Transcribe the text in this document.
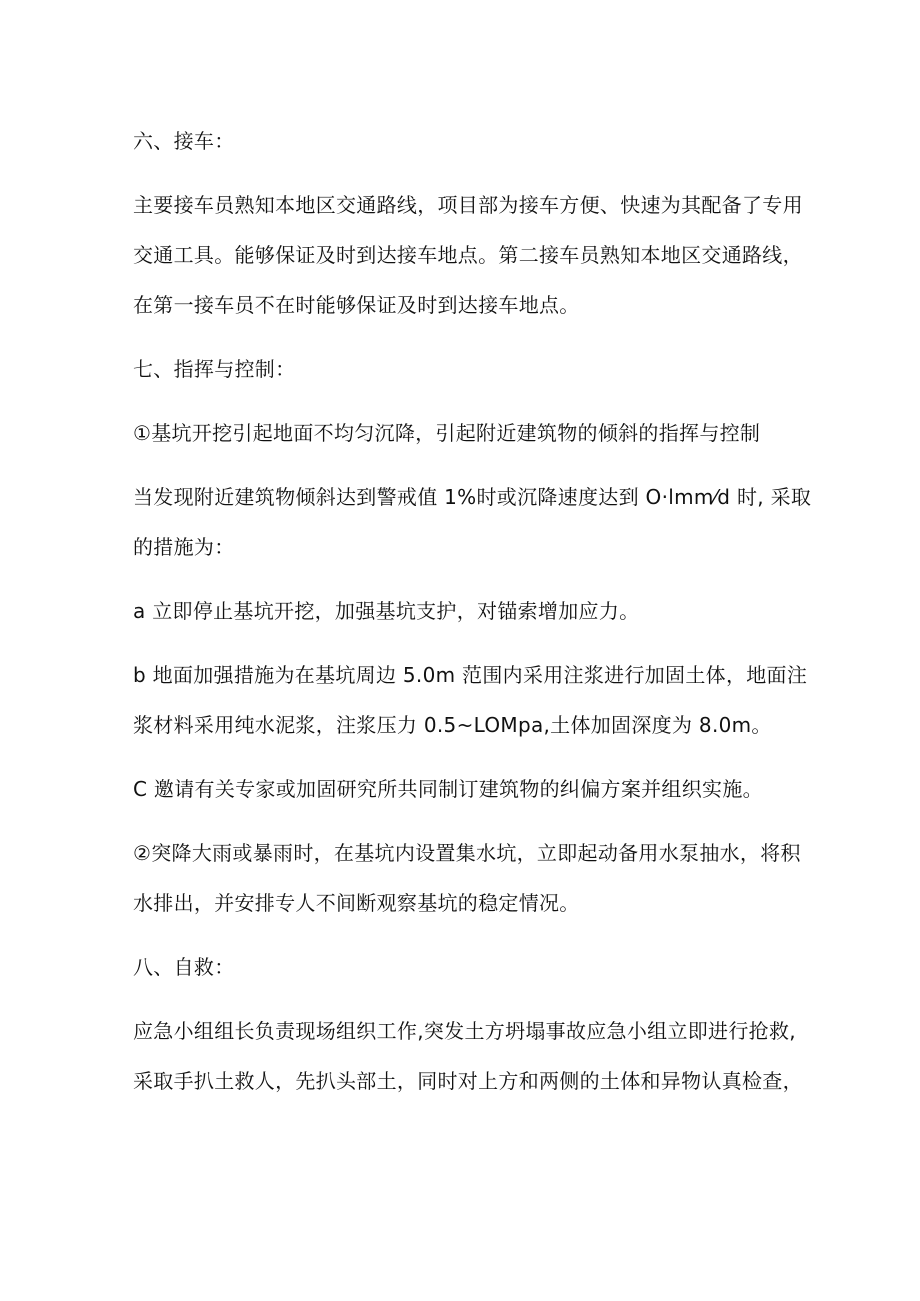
六、接车：
主要接车员熟知本地区交通路线，项目部为接车方便、快速为其配备了专用
交通工具。能够保证及时到达接车地点。第二接车员熟知本地区交通路线，
在第一接车员不在时能够保证及时到达接车地点。
七、指挥与控制：
①基坑开挖引起地面不均匀沉降，引起附近建筑物的倾斜的指挥与控制
当发现附近建筑物倾斜达到警戒值 1%时或沉降速度达到 O·lmm⁄d 时, 采取
的措施为：
a 立即停止基坑开挖，加强基坑支护，对锚索增加应力。
b 地面加强措施为在基坑周边 5.0m 范围内采用注浆进行加固土体，地面注
浆材料采用纯水泥浆，注浆压力 0.5~LOMpa,土体加固深度为 8.0m。
C 邀请有关专家或加固研究所共同制订建筑物的纠偏方案并组织实施。
②突降大雨或暴雨时，在基坑内设置集水坑，立即起动备用水泵抽水，将积
水排出，并安排专人不间断观察基坑的稳定情况。
八、自救：
应急小组组长负责现场组织工作,突发土方坍塌事故应急小组立即进行抢救,
采取手扒土救人，先扒头部土，同时对上方和两侧的土体和异物认真检查，
